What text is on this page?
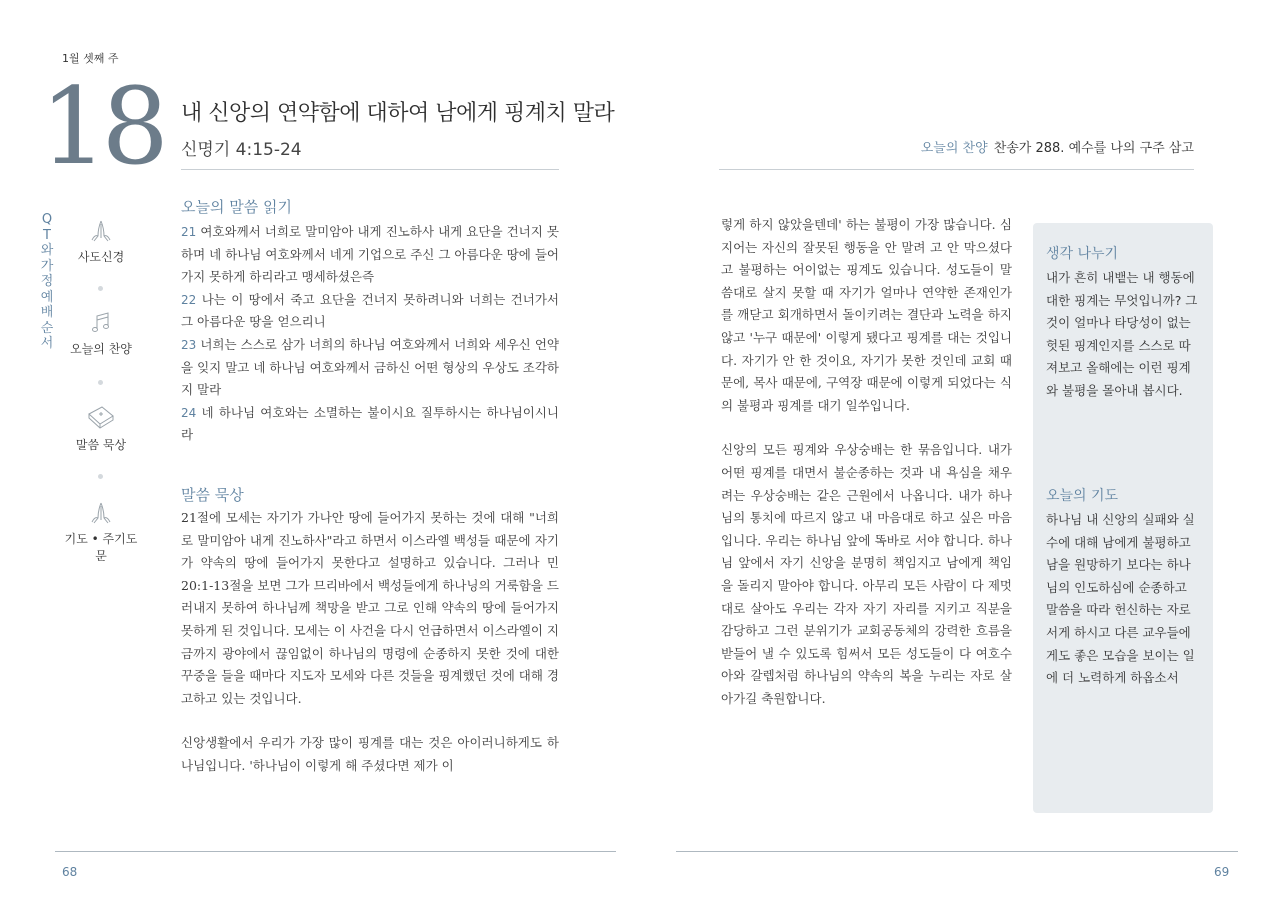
1월 셋째 주
18 내 신앙의 연약함에 대하여 남에게 핑계치 말라
신명기 4:15-24	오늘의 찬양 찬송가 288. 예수를 나의 구주 삼고
QT와 가정예배 순서
사도신경
오늘의 찬양
말씀 묵상
기도 • 주기도문
오늘의 말씀 읽기

21 여호와께서 너희로 말미암아 내게 진노하사 내게 요단을 건너지 못하며 네 하나님 여호와께서 네게 기업으로 주신 그 아름다운 땅에 들어가지 못하게 하리라고 맹세하셨은즉
22 나는 이 땅에서 죽고 요단을 건너지 못하려니와 너희는 건너가서 그 아름다운 땅을 얻으리니
23 너희는 스스로 삼가 너희의 하나님 여호와께서 너희와 세우신 언약을 잊지 말고 네 하나님 여호와께서 금하신 어떤 형상의 우상도 조각하지 말라
24 네 하나님 여호와는 소멸하는 불이시요 질투하시는 하나님이시니라

말씀 묵상

21절에 모세는 자기가 가나안 땅에 들어가지 못하는 것에 대해 "너희로 말미암아 내게 진노하사"라고 하면서 이스라엘 백성들 때문에 자기가 약속의 땅에 들어가지 못한다고 설명하고 있습니다. 그러나 민20:1-13절을 보면 그가 므리바에서 백성들에게 하나닝의 거룩함을 드러내지 못하여 하나님께 책망을 받고 그로 인해 약속의 땅에 들어가지 못하게 된 것입니다. 모세는 이 사건을 다시 언급하면서 이스라엘이 지금까지 광야에서 끊임없이 하나님의 명령에 순종하지 못한 것에 대한 꾸중을 들을 때마다 지도자 모세와 다른 것들을 핑계했던 것에 대해 경고하고 있는 것입니다.

신앙생활에서 우리가 가장 많이 핑계를 대는 것은 아이러니하게도 하나님입니다. '하나님이 이렇게 해 주셨다면 제가 이

렇게 하지 않았을텐데' 하는 불평이 가장 많습니다. 심지어는 자신의 잘못된 행동을 안 말려 고 안 막으셨다고 불평하는 어이없는 핑계도 있습니다. 성도들이 말씀대로 살지 못할 때 자기가 얼마나 연약한 존재인가를 깨닫고 회개하면서 돌이키려는 결단과 노력을 하지 않고 '누구 때문에' 이렇게 됐다고 핑계를 대는 것입니다. 자기가 안 한 것이요, 자기가 못한 것인데 교회 때문에, 목사 때문에, 구역장 때문에 이렇게 되었다는 식의 불평과 핑계를 대기 일쑤입니다.

신앙의 모든 핑계와 우상숭배는 한 묶음입니다. 내가 어떤 핑계를 대면서 불순종하는 것과 내 욕심을 채우려는 우상숭배는 같은 근원에서 나옵니다. 내가 하나님의 통치에 따르지 않고 내 마음대로 하고 싶은 마음입니다. 우리는 하나님 앞에 똑바로 서야 합니다. 하나님 앞에서 자기 신앙을 분명히 책임지고 남에게 책임을 돌리지 말아야 합니다. 아무리 모든 사람이 다 제멋대로 살아도 우리는 각자 자기 자리를 지키고 직분을 감당하고 그런 분위기가 교회공동체의 강력한 흐름을 받들어 낼 수 있도록 힘써서 모든 성도들이 다 여호수아와 갈렙처럼 하나님의 약속의 복을 누리는 자로 살아가길 축원합니다.

생각 나누기

내가 흔히 내뱉는 내 행동에 대한 핑계는 무엇입니까? 그것이 얼마나 타당성이 없는 헛된 핑계인지를 스스로 따져보고 올해에는 이런 핑계와 불평을 몰아내 봅시다.

오늘의 기도

하나님 내 신앙의 실패와 실수에 대해 남에게 불평하고 남을 원망하기 보다는 하나님의 인도하심에 순종하고 말씀을 따라 헌신하는 자로 서게 하시고 다른 교우들에게도 좋은 모습을 보이는 일에 더 노력하게 하옵소서

68	69
